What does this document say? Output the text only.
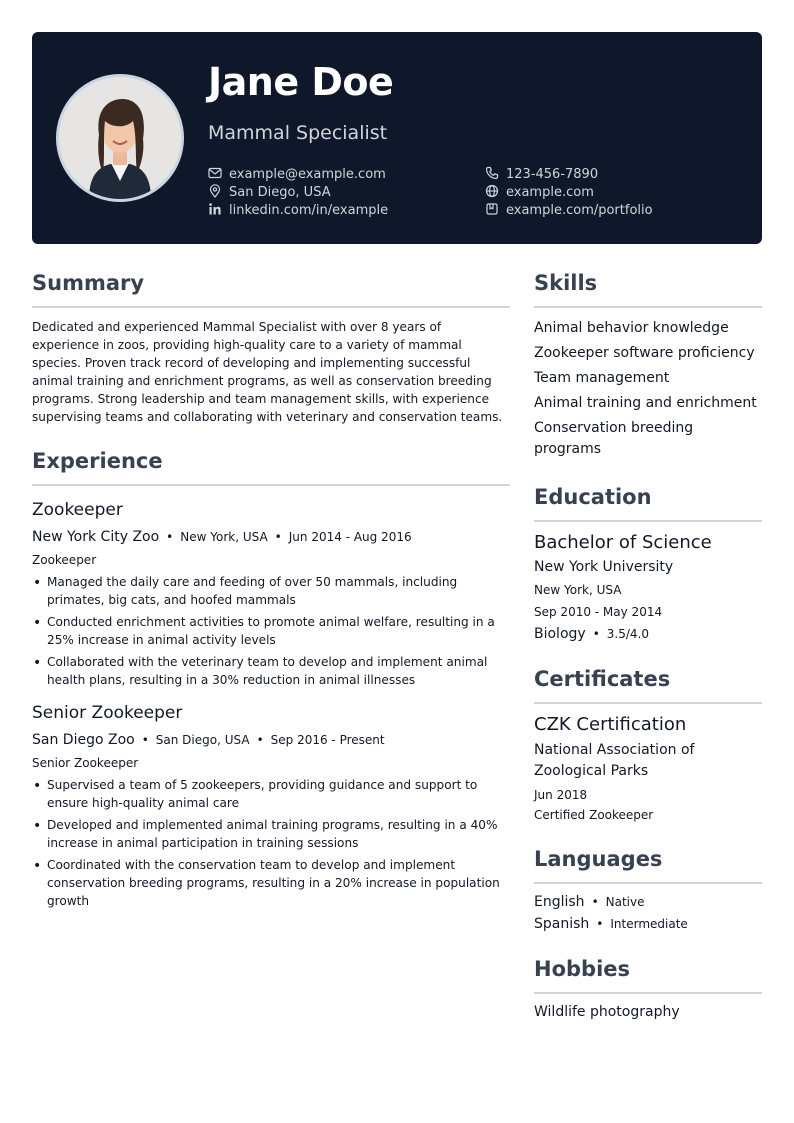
Jane Doe
Mammal Specialist
example@example.com
San Diego, USA
linkedin.com/in/example
123-456-7890
example.com
example.com/portfolio
Summary

Dedicated and experienced Mammal Specialist with over 8 years of experience in zoos, providing high-quality care to a variety of mammal species. Proven track record of developing and implementing successful animal training and enrichment programs, as well as conservation breeding programs. Strong leadership and team management skills, with experience supervising teams and collaborating with veterinary and conservation teams.

Experience
Zookeeper
New York City Zoo • New York, USA • Jun 2014 - Aug 2016
Zookeeper
• Managed the daily care and feeding of over 50 mammals, including primates, big cats, and hoofed mammals
• Conducted enrichment activities to promote animal welfare, resulting in a 25% increase in animal activity levels
• Collaborated with the veterinary team to develop and implement animal health plans, resulting in a 30% reduction in animal illnesses
Senior Zookeeper
San Diego Zoo • San Diego, USA • Sep 2016 - Present
Senior Zookeeper
• Supervised a team of 5 zookeepers, providing guidance and support to ensure high-quality animal care
• Developed and implemented animal training programs, resulting in a 40% increase in animal participation in training sessions
• Coordinated with the conservation team to develop and implement conservation breeding programs, resulting in a 20% increase in population growth
Skills
Animal behavior knowledge
Zookeeper software proficiency
Team management
Animal training and enrichment
Conservation breeding programs
Education
Bachelor of Science
New York University
New York, USA
Sep 2010 - May 2014
Biology • 3.5/4.0
Certificates
CZK Certification
National Association of Zoological Parks
Jun 2018
Certified Zookeeper
Languages
English • Native
Spanish • Intermediate
Hobbies
Wildlife photography
